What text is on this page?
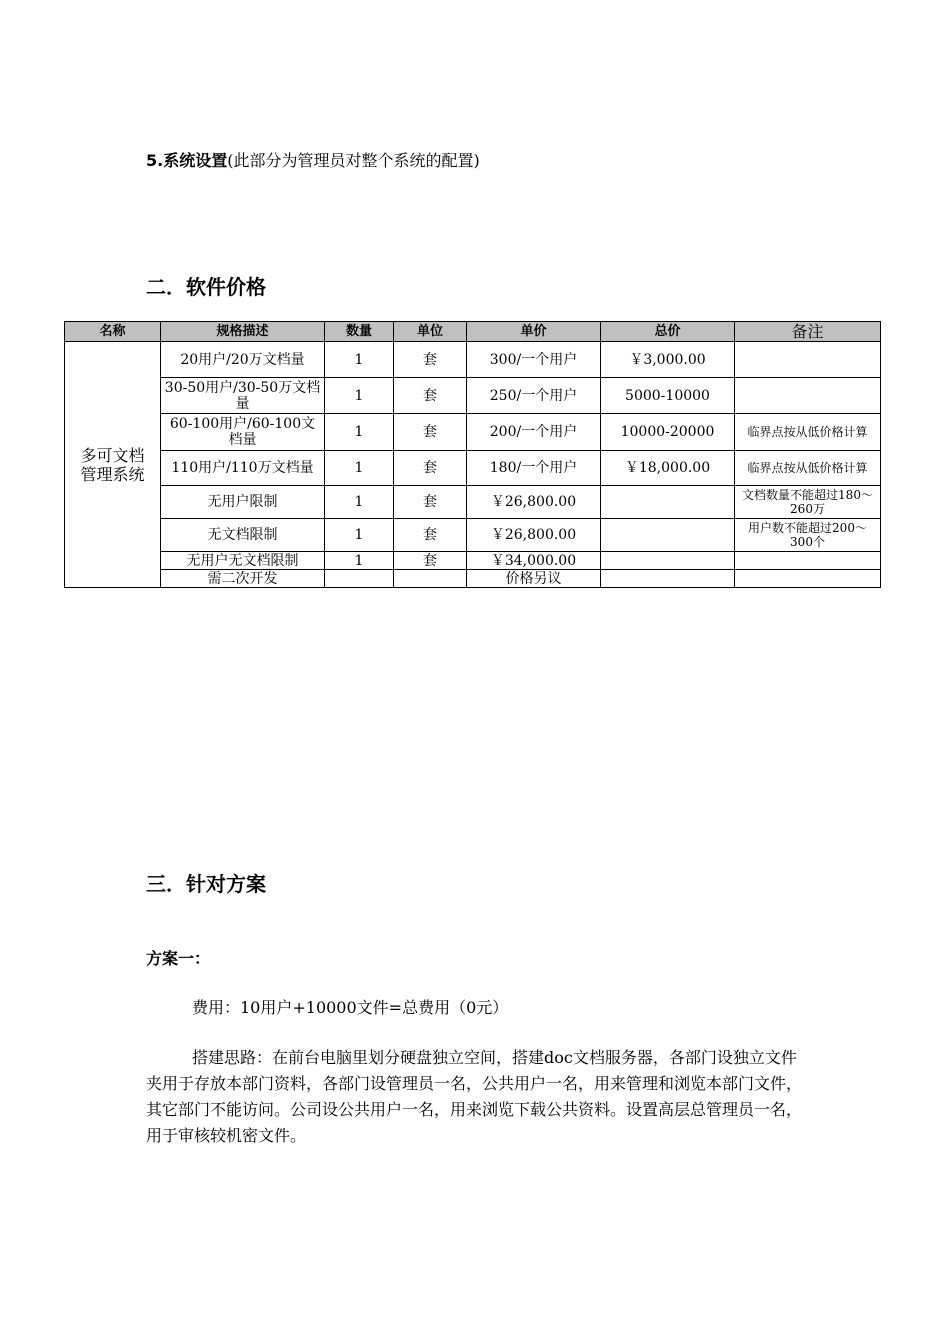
5.系统设置(此部分为管理员对整个系统的配置)
二．软件价格
名称	规格描述	数量	单位	单价	总价	备注
多可文档管理系统	20用户/20万文档量	1	套	300/一个用户	￥3,000.00	
	30-50用户/30-50万文档量	1	套	250/一个用户	5000-10000	
	60-100用户/60-100文档量	1	套	200/一个用户	10000-20000	临界点按从低价格计算
	110用户/110万文档量	1	套	180/一个用户	￥18,000.00	临界点按从低价格计算
	无用户限制	1	套	￥26,800.00		文档数量不能超过180～260万
	无文档限制	1	套	￥26,800.00		用户数不能超过200～300个
	无用户无文档限制	1	套	￥34,000.00		
	需二次开发			价格另议		
三．针对方案
方案一：
费用：10用户+10000文件=总费用（0元）
搭建思路：在前台电脑里划分硬盘独立空间，搭建doc文档服务器，各部门设独立文件夹用于存放本部门资料，各部门设管理员一名，公共用户一名，用来管理和浏览本部门文件，其它部门不能访问。公司设公共用户一名，用来浏览下载公共资料。设置高层总管理员一名，用于审核较机密文件。
